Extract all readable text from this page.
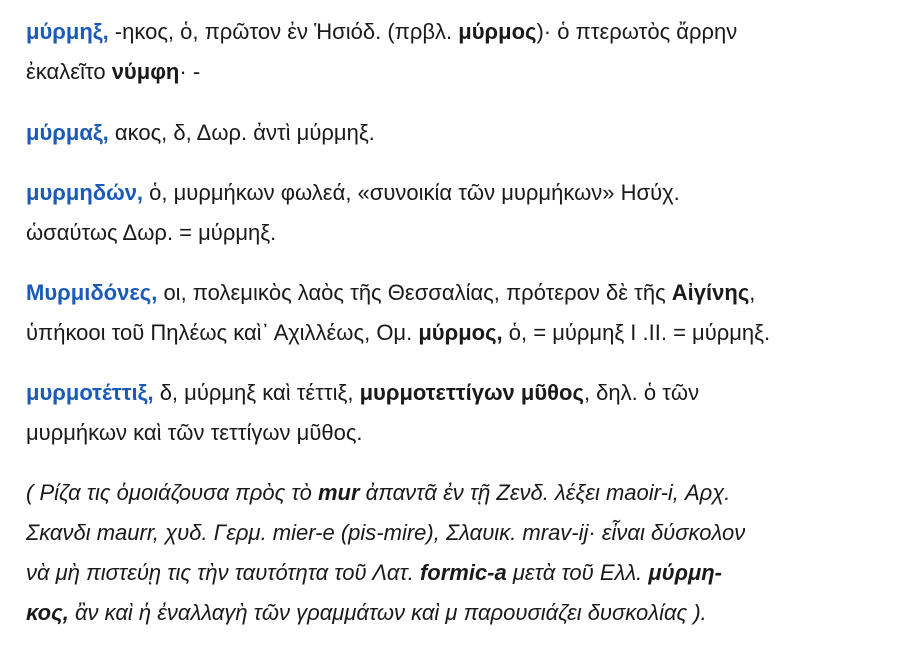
μύρμηξ, -ηκος, ὁ, πρῶτον ἐν Ἡσιόδ. (πρβλ. μύρμος)· ὁ πτερωτὸς ἄρρην
ἐκαλεῖτο νύμφη· -

μύρμαξ, ακος, δ, Δωρ. ἀντὶ μύρμηξ.

μυρμηδών, ὁ, μυρμήκων φωλεά, «συνοικία τῶν μυρμήκων» Ησύχ.
ὡσαύτως Δωρ. = μύρμηξ.

Μυρμιδόνες, οι, πολεμικὸς λαὸς τῆς Θεσσαλίας, πρότερον δὲ τῆς Αἰγίνης,
ὑπήκοοι τοῦ Πηλέως καὶ᾽ Αχιλλέως, Ομ. μύρμος, ὁ, = μύρμηξ Ι .ΙΙ. = μύρμηξ.

μυρμοτέττιξ, δ, μύρμηξ καὶ τέττιξ, μυρμοτεττίγων μῦθος, δηλ. ὁ τῶν
μυρμήκων καὶ τῶν τεττίγων μῦθος.

( Ρίζα τις ὁμοιάζουσα πρὸς τὸ mur ἀπαντᾶ ἐν τῇ Ζενδ. λέξει maoir-i, Αρχ.
Σκανδι maurr, χυδ. Γερμ. mier-e (pis-mire), Σλαυικ. mrav-ij· εἶναι δύσκολον
νὰ μὴ πιστεύῃ τις τὴν ταυτότητα τοῦ Λατ. formic-a μετὰ τοῦ Ελλ. μύρμη-
κος, ἂν καὶ ἡ ἐναλλαγὴ τῶν γραμμάτων καὶ μ παρουσιάζει δυσκολίας ).
